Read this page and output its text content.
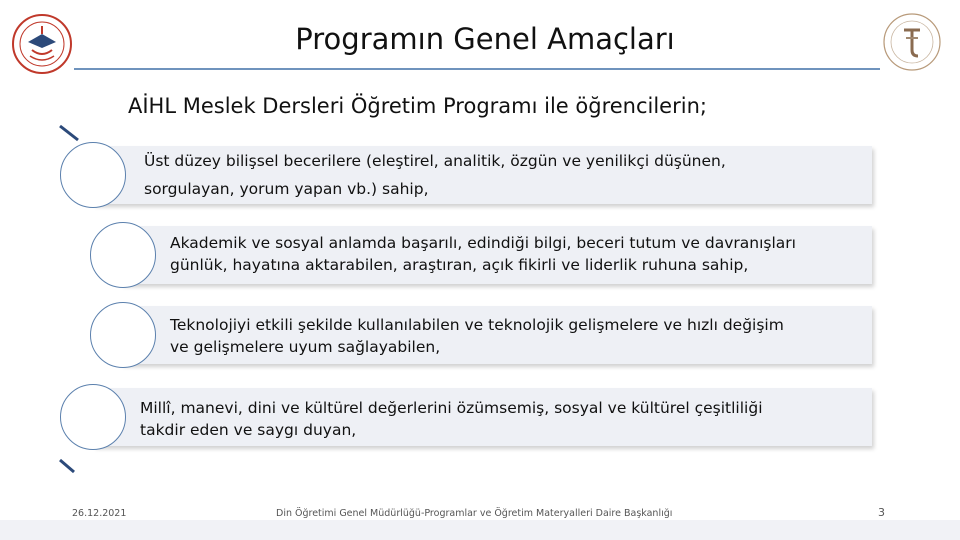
Programın Genel Amaçları
AİHL Meslek Dersleri Öğretim Programı ile öğrencilerin;
Üst düzey bilişsel becerilere (eleştirel, analitik, özgün ve yenilikçi düşünen,
sorgulayan, yorum yapan vb.) sahip,
Akademik ve sosyal anlamda başarılı, edindiği bilgi, beceri tutum ve davranışları
günlük, hayatına aktarabilen, araştıran, açık fikirli ve liderlik ruhuna sahip,
Teknolojiyi etkili şekilde kullanılabilen ve teknolojik gelişmelere ve hızlı değişim
ve gelişmelere uyum sağlayabilen,
Millî, manevi, dini ve kültürel değerlerini özümsemiş, sosyal ve kültürel çeşitliliği
takdir eden ve saygı duyan,
26.12.2021	Din Öğretimi Genel Müdürlüğü-Programlar ve Öğretim Materyalleri Daire Başkanlığı	3
